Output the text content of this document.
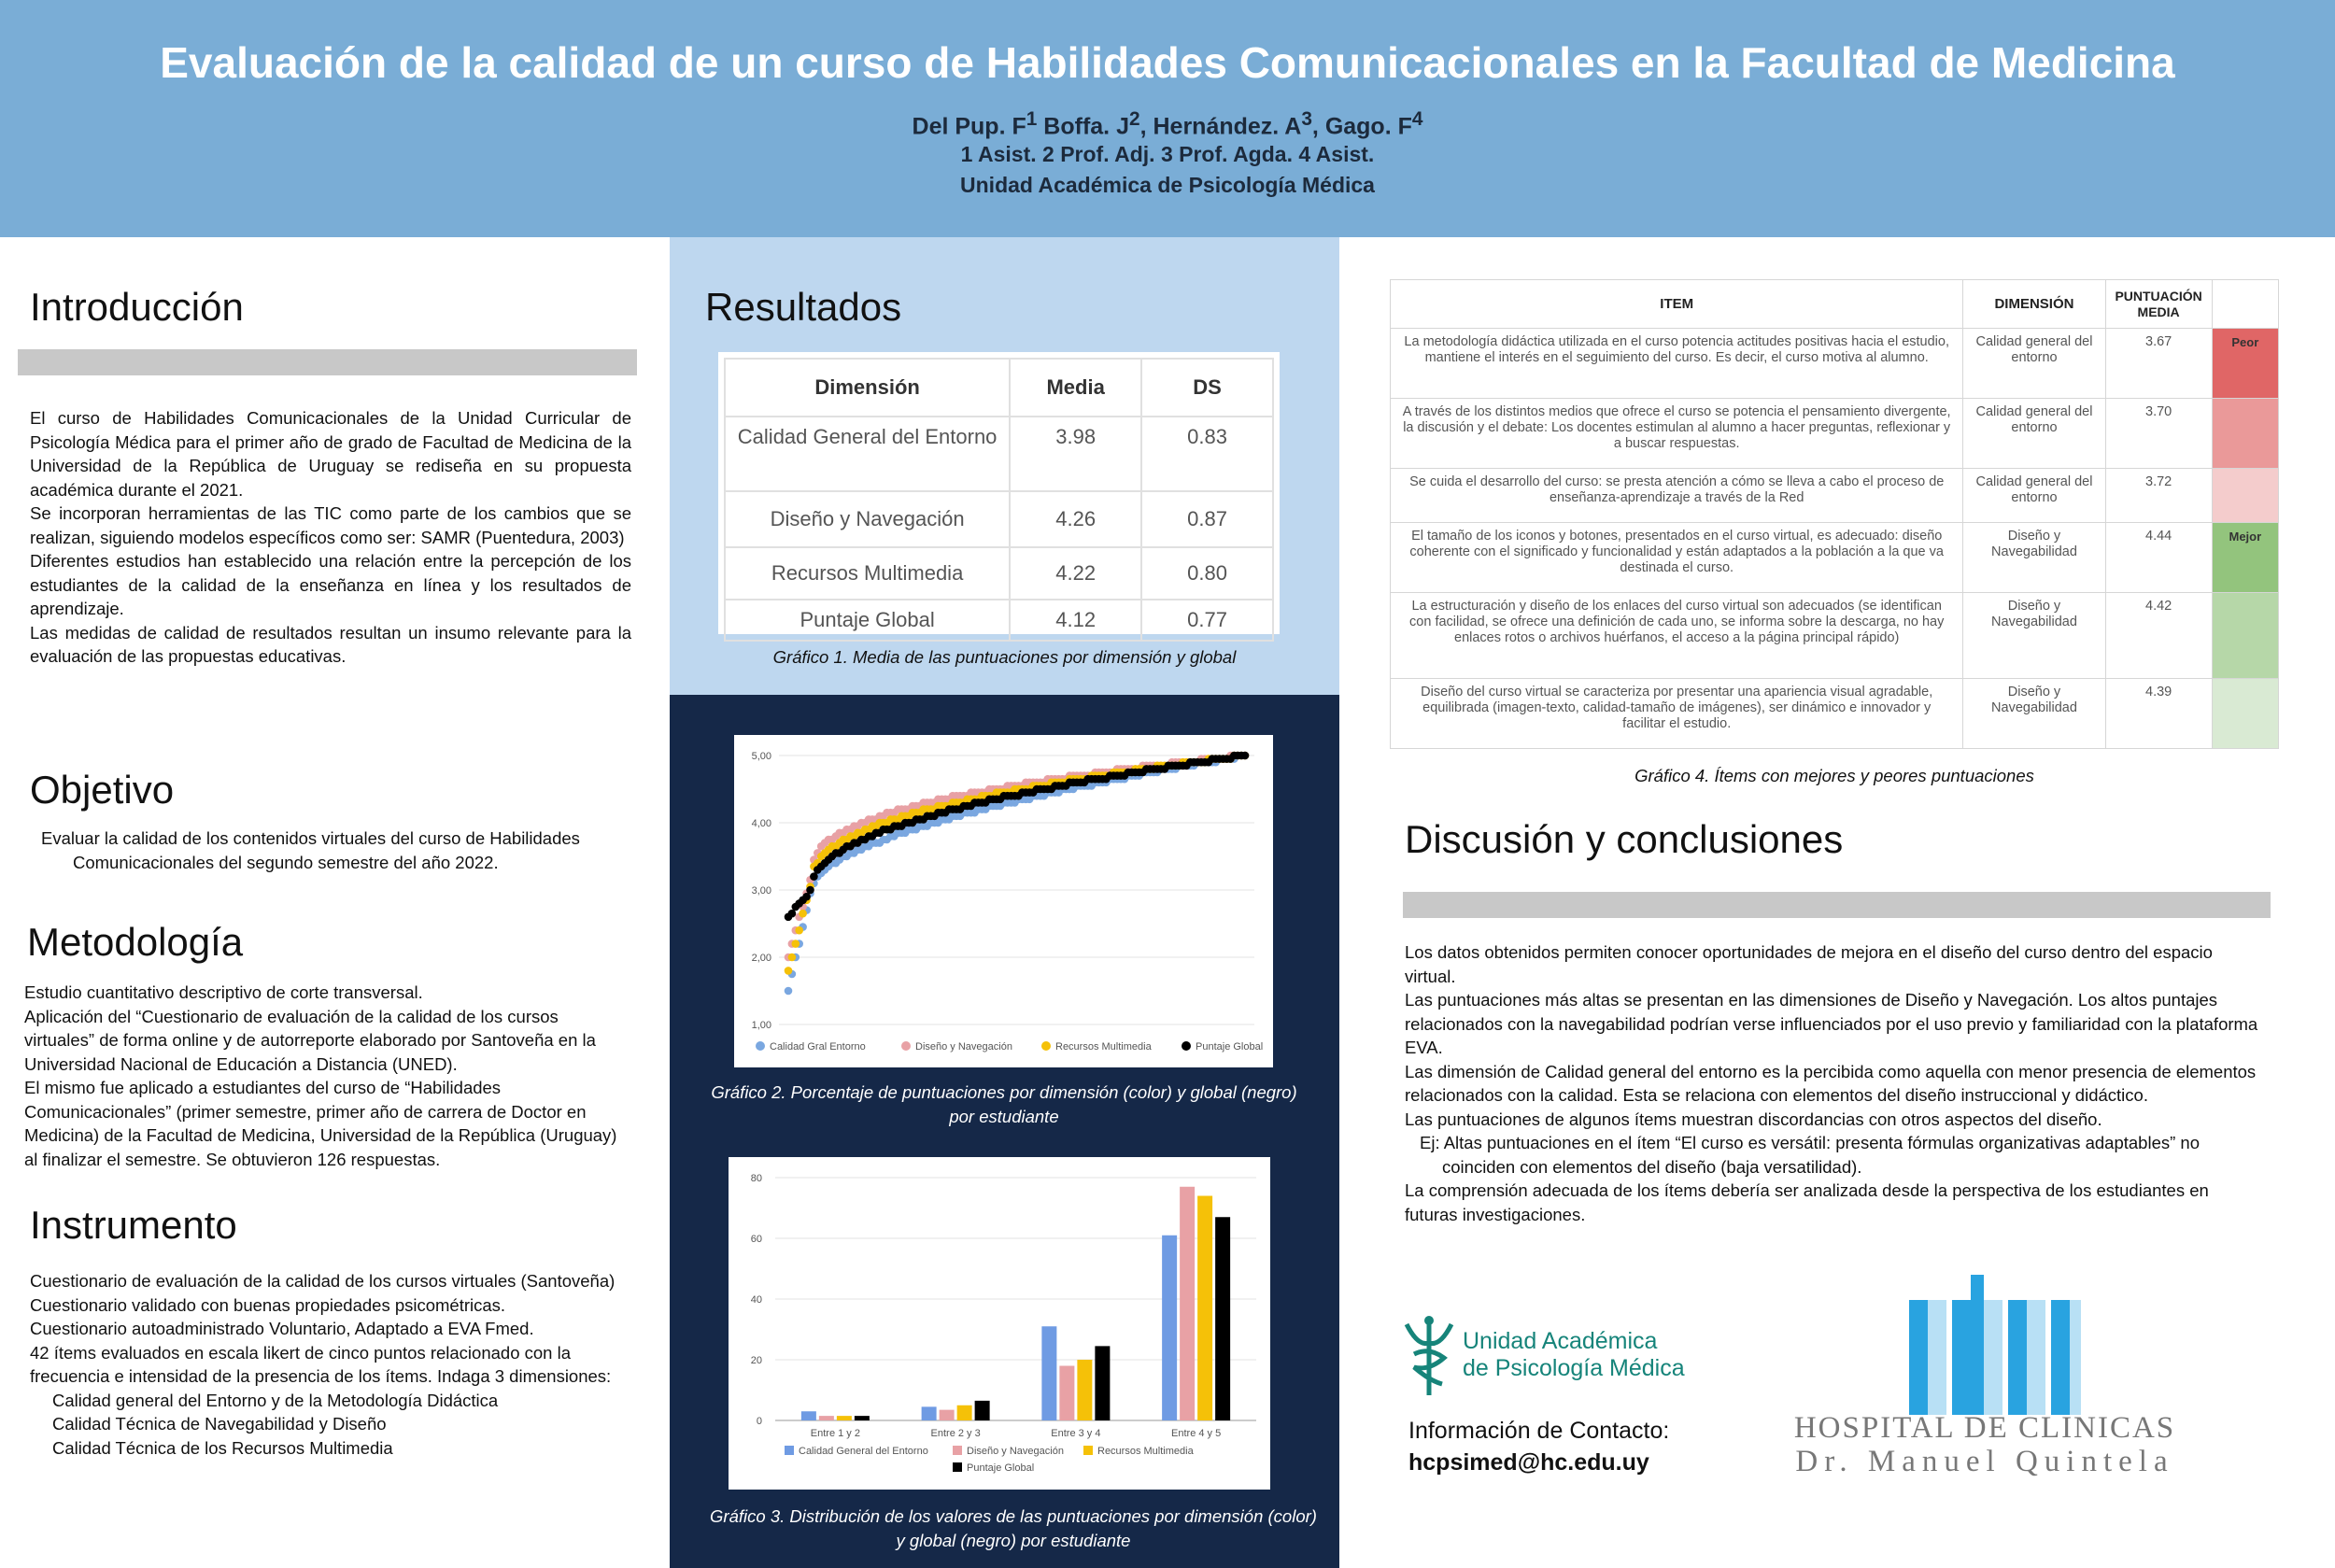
Evaluación de la calidad de un curso de Habilidades Comunicacionales en la Facultad de Medicina
Del Pup. $F^1$ Boffa. $J^2$, Hernández. $A^3$, Gago. $F^4$
1 Asist. 2 Prof. Adj. 3 Prof. Agda. 4 Asist.
Unidad Académica de Psicología Médica
Introducción

El curso de Habilidades Comunicacionales de la Unidad Curricular de Psicología Médica para el primer año de grado de Facultad de Medicina de la Universidad de la República de Uruguay se rediseña en su propuesta académica durante el 2021.

Se incorporan herramientas de las TIC como parte de los cambios que se realizan, siguiendo modelos específicos como ser: SAMR (Puentedura, 2003)

Diferentes estudios han establecido una relación entre la percepción de los estudiantes de la calidad de la enseñanza en línea y los resultados de aprendizaje.

Las medidas de calidad de resultados resultan un insumo relevante para la evaluación de las propuestas educativas.

Objetivo
Evaluar la calidad de los contenidos virtuales del curso de Habilidades Comunicacionales del segundo semestre del año 2022.
Metodología

Estudio cuantitativo descriptivo de corte transversal.

Aplicación del “Cuestionario de evaluación de la calidad de los cursos virtuales” de forma online y de autorreporte elaborado por Santoveña en la Universidad Nacional de Educación a Distancia (UNED).

El mismo fue aplicado a estudiantes del curso de “Habilidades Comunicacionales” (primer semestre, primer año de carrera de Doctor en Medicina) de la Facultad de Medicina, Universidad de la República (Uruguay) al finalizar el semestre. Se obtuvieron 126 respuestas.

Instrumento

Cuestionario de evaluación de la calidad de los cursos virtuales (Santoveña)

Cuestionario validado con buenas propiedades psicométricas.

Cuestionario autoadministrado Voluntario, Adaptado a EVA Fmed.

42 ítems evaluados en escala likert de cinco puntos relacionado con la frecuencia e intensidad de la presencia de los ítems. Indaga 3 dimensiones:

Calidad general del Entorno y de la Metodología Didáctica

Calidad Técnica de Navegabilidad y Diseño

Calidad Técnica de los Recursos Multimedia

Resultados
Dimensión	Media	DS
Calidad General del Entorno	3.98	0.83
Diseño y Navegación	4.26	0.87
Recursos Multimedia	4.22	0.80
Puntaje Global	4.12	0.77
Gráfico 1. Media de las puntuaciones por dimensión y global
1,00
2,00
3,00
4,00
5,00
Calidad Gral Entorno	Diseño y Navegación	Recursos Multimedia	Puntaje Global
Gráfico 2. Porcentaje de puntuaciones por dimensión (color) y global (negro) por estudiante
0
20
40
60
80
Entre 1 y 2	Entre 2 y 3	Entre 3 y 4	Entre 4 y 5
Calidad General del Entorno	Diseño y Navegación	Recursos Multimedia
Puntaje Global
Gráfico 3. Distribución de los valores de las puntuaciones por dimensión (color) y global (negro) por estudiante
ITEM	DIMENSIÓN	PUNTUACIÓN MEDIA	
La metodología didáctica utilizada en el curso potencia actitudes positivas hacia el estudio, mantiene el interés en el seguimiento del curso. Es decir, el curso motiva al alumno.	Calidad general del entorno	3.67	Peor
A través de los distintos medios que ofrece el curso se potencia el pensamiento divergente, la discusión y el debate: Los docentes estimulan al alumno a hacer preguntas, reflexionar y a buscar respuestas.	Calidad general del entorno	3.70	
Se cuida el desarrollo del curso: se presta atención a cómo se lleva a cabo el proceso de enseñanza-aprendizaje a través de la Red	Calidad general del entorno	3.72	
El tamaño de los iconos y botones, presentados en el curso virtual, es adecuado: diseño coherente con el significado y funcionalidad y están adaptados a la población a la que va destinada el curso.	Diseño y Navegabilidad	4.44	Mejor
La estructuración y diseño de los enlaces del curso virtual son adecuados (se identifican con facilidad, se ofrece una definición de cada uno, se informa sobre la descarga, no hay enlaces rotos o archivos huérfanos, el acceso a la página principal rápido)	Diseño y Navegabilidad	4.42	
Diseño del curso virtual se caracteriza por presentar una apariencia visual agradable, equilibrada (imagen-texto, calidad-tamaño de imágenes), ser dinámico e innovador y facilitar el estudio.	Diseño y Navegabilidad	4.39	
Gráfico 4. Ítems con mejores y peores puntuaciones
Discusión y conclusiones

Los datos obtenidos permiten conocer oportunidades de mejora en el diseño del curso dentro del espacio virtual.

Las puntuaciones más altas se presentan en las dimensiones de Diseño y Navegación. Los altos puntajes relacionados con la navegabilidad podrían verse influenciados por el uso previo y familiaridad con la plataforma EVA.

Las dimensión de Calidad general del entorno es la percibida como aquella con menor presencia de elementos relacionados con la calidad. Esta se relaciona con elementos del diseño instruccional y didáctico.

Las puntuaciones de algunos ítems muestran discordancias con otros aspectos del diseño.

Ej: Altas puntuaciones en el ítem “El curso es versátil: presenta fórmulas organizativas adaptables” no coinciden con elementos del diseño (baja versatilidad).

La comprensión adecuada de los ítems debería ser analizada desde la perspectiva de los estudiantes en futuras investigaciones.

Unidad Académica
de Psicología Médica
Información de Contacto:
hcpsimed@hc.edu.uy
HOSPITAL DE CLINICAS
Dr. Manuel Quintela
